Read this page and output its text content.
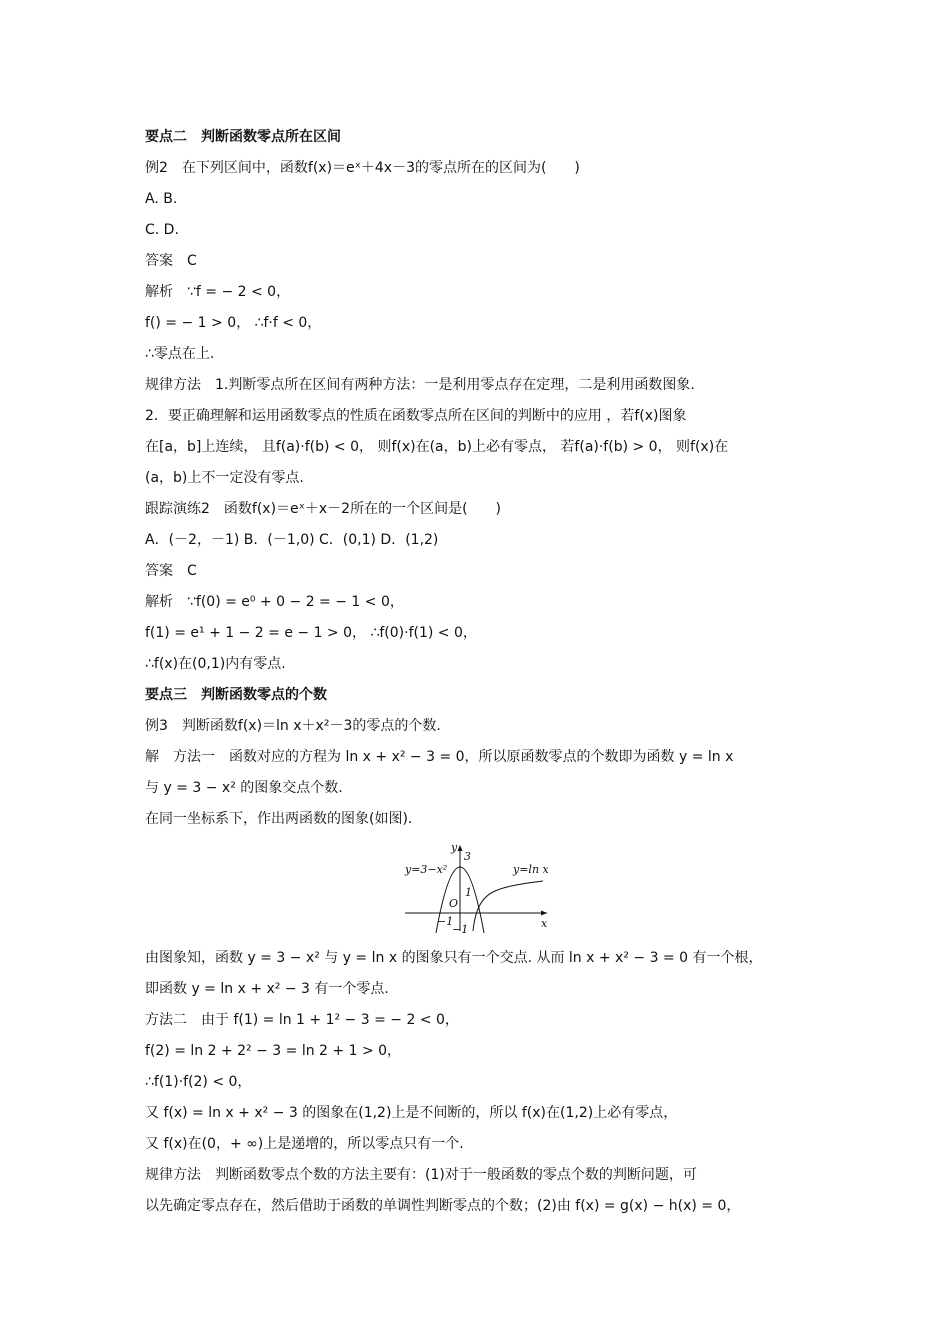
要点二　判断函数零点所在区间
例2　在下列区间中，函数f(x)＝eˣ＋4x－3的零点所在的区间为(　　)
A. B.
C. D.
答案　C
解析　∵f = − 2 < 0，
f() = − 1 > 0， ∴f·f < 0，
∴零点在上.
规律方法　1.判断零点所在区间有两种方法：一是利用零点存在定理，二是利用函数图象.
2．要正确理解和运用函数零点的性质在函数零点所在区间的判断中的应用 ，若f(x)图象
在[a，b]上连续， 且f(a)·f(b) < 0， 则f(x)在(a，b)上必有零点， 若f(a)·f(b) > 0， 则f(x)在
(a，b)上不一定没有零点.
跟踪演练2　函数f(x)＝eˣ＋x－2所在的一个区间是(　　)
A．(－2，－1) B．(－1,0) C．(0,1) D．(1,2)
答案　C
解析　∵f(0) = e⁰ + 0 − 2 = − 1 < 0，
f(1) = e¹ + 1 − 2 = e − 1 > 0， ∴f(0)·f(1) < 0，
∴f(x)在(0,1)内有零点.
要点三　判断函数零点的个数
例3　判断函数f(x)＝ln x＋x²－3的零点的个数.
解　方法一　函数对应的方程为 ln x + x² − 3 = 0，所以原函数零点的个数即为函数 y = ln x
与 y = 3 − x² 的图象交点个数.
在同一坐标系下，作出两函数的图象(如图).
y=3−x²	y=ln x
y
x
O
3
1
−1
−1
由图象知，函数 y = 3 − x² 与 y = ln x 的图象只有一个交点. 从而 ln x + x² − 3 = 0 有一个根，
即函数 y = ln x + x² − 3 有一个零点.
方法二　由于 f(1) = ln 1 + 1² − 3 = − 2 < 0，
f(2) = ln 2 + 2² − 3 = ln 2 + 1 > 0，
∴f(1)·f(2) < 0，
又 f(x) = ln x + x² − 3 的图象在(1,2)上是不间断的，所以 f(x)在(1,2)上必有零点，
又 f(x)在(0，+ ∞)上是递增的，所以零点只有一个.
规律方法　判断函数零点个数的方法主要有：(1)对于一般函数的零点个数的判断问题，可
以先确定零点存在，然后借助于函数的单调性判断零点的个数；(2)由 f(x) = g(x) − h(x) = 0，
